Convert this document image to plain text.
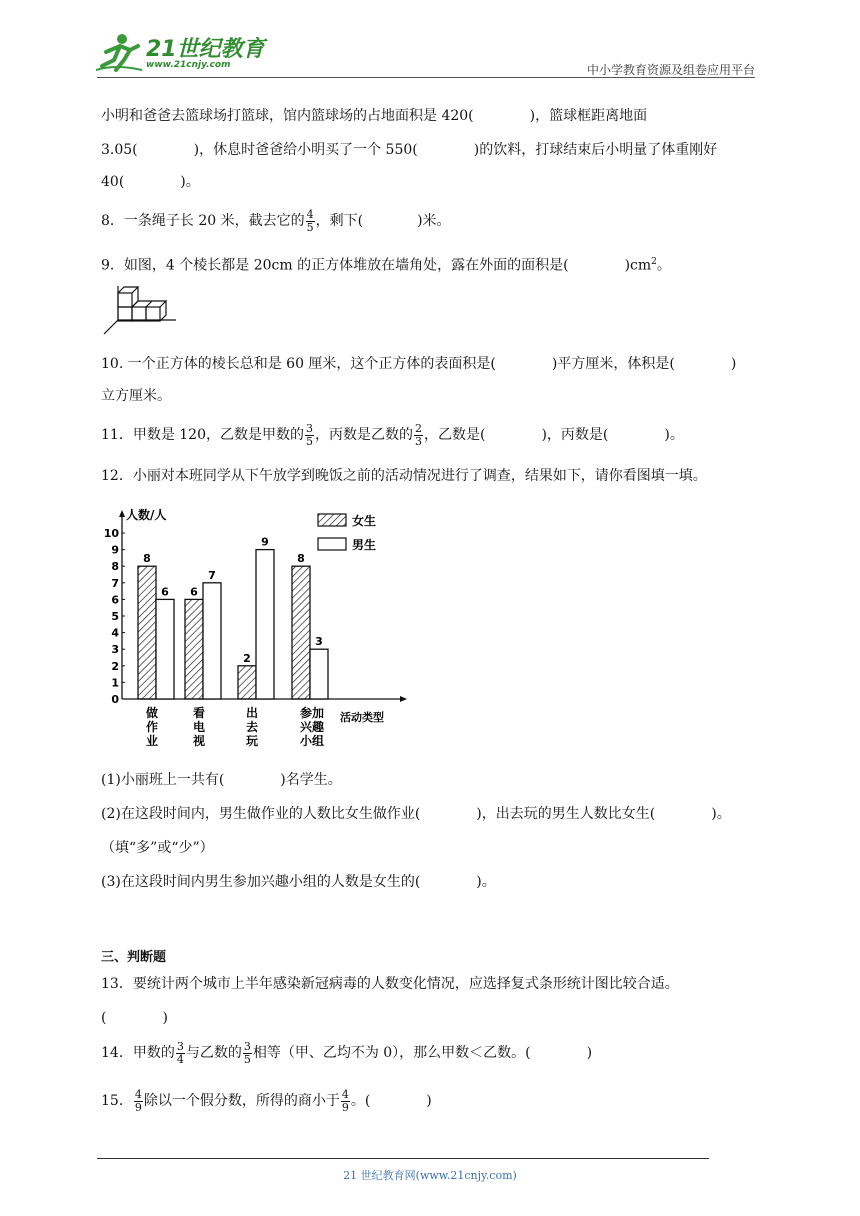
21世纪教育
www.21cnjy.com	中小学教育资源及组卷应用平台
小明和爸爸去篮球场打篮球，馆内篮球场的占地面积是 420(	)，篮球框距离地面
3.05(	)，休息时爸爸给小明买了一个 550(	)的饮料，打球结束后小明量了体重刚好
40(	)。
8．一条绳子长 20 米，截去它的 $\frac{4}{5}$ ，剩下(	)米。
9．如图，4 个棱长都是 20cm 的正方体堆放在墙角处，露在外面的面积是(	)$cm^2$。
10. 一个正方体的棱长总和是 60 厘米，这个正方体的表面积是(	)平方厘米，体积是(	)
立方厘米。
11．甲数是 120，乙数是甲数的 $\frac{3}{5}$ ，丙数是乙数的 $\frac{2}{3}$ ，乙数是(	)，丙数是(	)。
12．小丽对本班同学从下午放学到晚饭之前的活动情况进行了调查，结果如下，请你看图填一填。
人数/人
活动类型
0
1
2
3
4
5
6
7
8
9
10
8
6
做
作
业
6
7
看
电
视
2
9
出
去
玩
8
3
参加
兴趣
小组
女生
男生
(1)小丽班上一共有(	)名学生。
(2)在这段时间内，男生做作业的人数比女生做作业(	)，出去玩的男生人数比女生(	)。
（填“多”或“少”）
(3)在这段时间内男生参加兴趣小组的人数是女生的(	)。
三、判断题
13．要统计两个城市上半年感染新冠病毒的人数变化情况，应选择复式条形统计图比较合适。
(	)
14．甲数的 $\frac{3}{4}$ 与乙数的 $\frac{3}{5}$ 相等（甲、乙均不为 0），那么甲数＜乙数。(	)
15． $\frac{4}{9}$ 除以一个假分数，所得的商小于 $\frac{4}{9}$ 。(	)
21 世纪教育网(www.21cnjy.com)
